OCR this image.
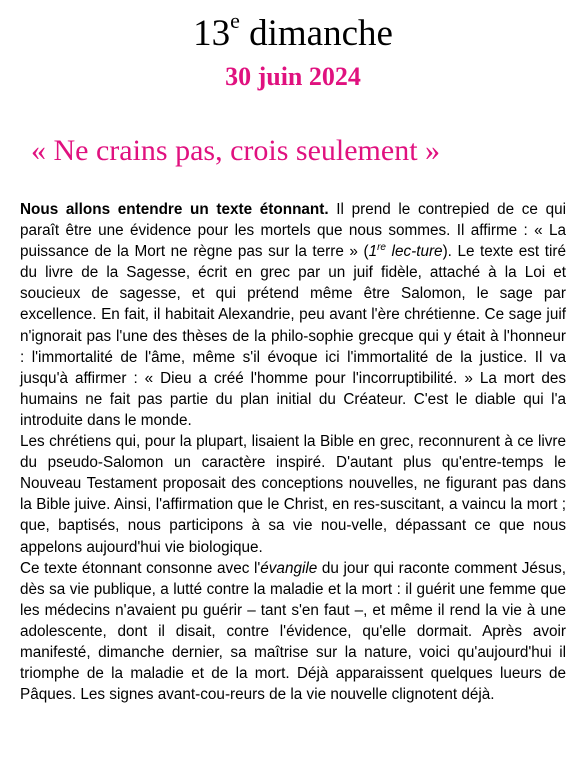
13e dimanche
30 juin 2024
« Ne crains pas, crois seulement »

Nous allons entendre un texte étonnant. Il prend le contrepied de ce qui paraît être une évidence pour les mortels que nous sommes. Il affirme : « La puissance de la Mort ne règne pas sur la terre » (1re lec-ture). Le texte est tiré du livre de la Sagesse, écrit en grec par un juif fidèle, attaché à la Loi et soucieux de sagesse, et qui prétend même être Salomon, le sage par excellence. En fait, il habitait Alexandrie, peu avant l'ère chrétienne. Ce sage juif n'ignorait pas l'une des thèses de la philo-sophie grecque qui y était à l'honneur : l'immortalité de l'âme, même s'il évoque ici l'immortalité de la justice. Il va jusqu'à affirmer : « Dieu a créé l'homme pour l'incorruptibilité. » La mort des humains ne fait pas partie du plan initial du Créateur. C'est le diable qui l'a introduite dans le monde.

Les chrétiens qui, pour la plupart, lisaient la Bible en grec, reconnurent à ce livre du pseudo-Salomon un caractère inspiré. D'autant plus qu'entre-temps le Nouveau Testament proposait des conceptions nouvelles, ne figurant pas dans la Bible juive. Ainsi, l'affirmation que le Christ, en res-suscitant, a vaincu la mort ; que, baptisés, nous participons à sa vie nou-velle, dépassant ce que nous appelons aujourd'hui vie biologique.

Ce texte étonnant consonne avec l'évangile du jour qui raconte comment Jésus, dès sa vie publique, a lutté contre la maladie et la mort : il guérit une femme que les médecins n'avaient pu guérir – tant s'en faut –, et même il rend la vie à une adolescente, dont il disait, contre l'évidence, qu'elle dormait. Après avoir manifesté, dimanche dernier, sa maîtrise sur la nature, voici qu'aujourd'hui il triomphe de la maladie et de la mort. Déjà apparaissent quelques lueurs de Pâques. Les signes avant-cou-reurs de la vie nouvelle clignotent déjà.
